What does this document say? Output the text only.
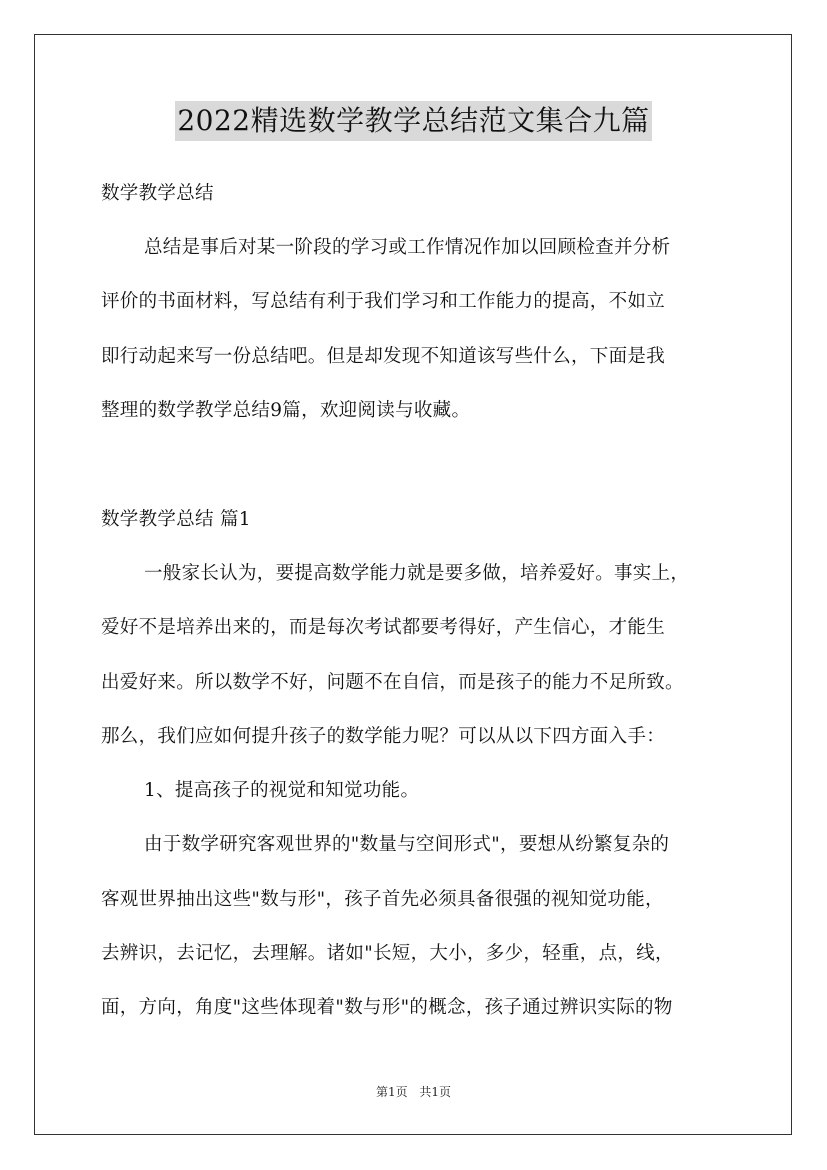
2022精选数学教学总结范文集合九篇
数学教学总结
总结是事后对某一阶段的学习或工作情况作加以回顾检查并分析
评价的书面材料，写总结有利于我们学习和工作能力的提高，不如立
即行动起来写一份总结吧。但是却发现不知道该写些什么，下面是我
整理的数学教学总结9篇，欢迎阅读与收藏。
数学教学总结 篇1
一般家长认为，要提高数学能力就是要多做，培养爱好。事实上，
爱好不是培养出来的，而是每次考试都要考得好，产生信心，才能生
出爱好来。所以数学不好，问题不在自信，而是孩子的能力不足所致。
那么，我们应如何提升孩子的数学能力呢？可以从以下四方面入手：
1、提高孩子的视觉和知觉功能。
由于数学研究客观世界的"数量与空间形式"，要想从纷繁复杂的
客观世界抽出这些"数与形"，孩子首先必须具备很强的视知觉功能，
去辨识，去记忆，去理解。诸如"长短，大小，多少，轻重，点，线，
面，方向，角度"这些体现着"数与形"的概念，孩子通过辨识实际的物
第1页 共1页
